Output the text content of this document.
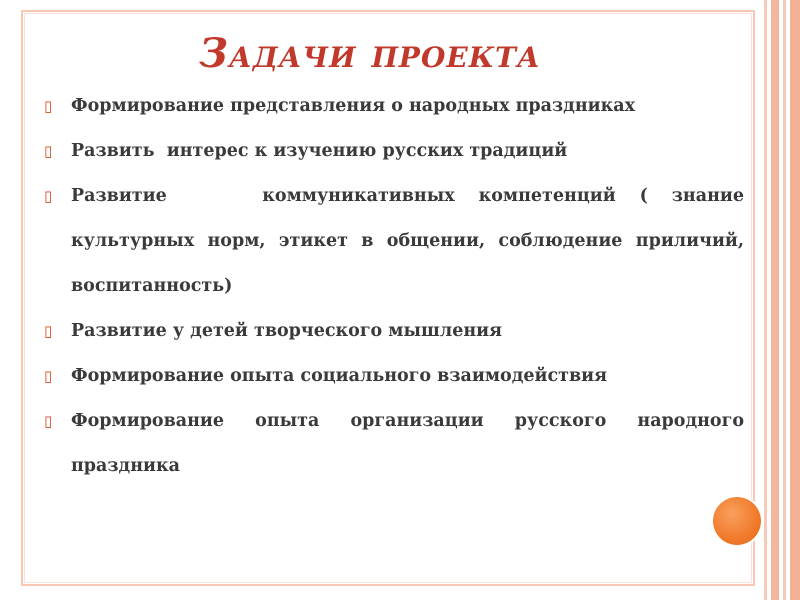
Задачи проекта
▯	Формирование представления о народных праздниках
▯	Развить  интерес к изучению русских традиций
▯	Развитие    коммуникативных компетенций ( знание культурных норм, этикет в общении, соблюдение приличий, воспитанность)
▯	Развитие у детей творческого мышления
▯	Формирование опыта социального взаимодействия
▯	Формирование опыта организации русского народного праздника
